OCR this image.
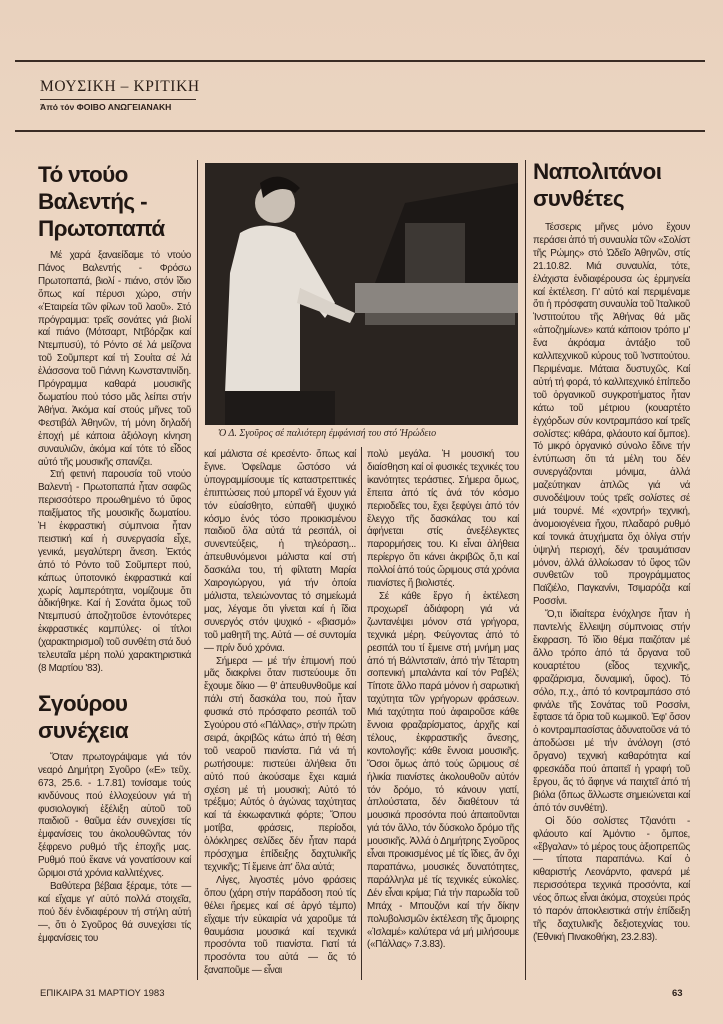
ΜΟΥΣΙΚΗ – ΚΡΙΤΙΚΗ
Ἀπό τόν ΦΟΙΒΟ ΑΝΩΓΕΙΑΝΑΚΗ
Τό ντούο
Βαλεντής -
Πρωτοπαπά

Μέ χαρά ξαναείδαμε τό ντούο Πάνος Βαλεντής - Φρόσω Πρωτοπαπά, βιολί - πιάνο, στόν ἴδιο ὅπως καί πέρυσι χώρο, στήν «Ἑταιρεία τῶν φίλων τοῦ λαοῦ». Στό πρόγραμμα: τρεῖς σονάτες γιά βιολί καί πιάνο (Μότσαρτ, Ντβόρζακ καί Ντεμπυσύ), τό Ρόντο σέ λά μείζονα τοῦ Σοῦμπερτ καί τή Σουίτα σέ λά ἐλάσσονα τοῦ Γιάννη Κωνσταντινίδη. Πρόγραμμα καθαρά μουσικῆς δωματίου πού τόσο μᾶς λείπει στήν Ἀθήνα. Ἀκόμα καί στούς μῆνες τοῦ Φεστιβάλ Ἀθηνῶν, τή μόνη δηλαδή ἐποχή μέ κάποια ἀξιόλογη κίνηση συναυλιῶν, ἀκόμα καί τότε τό εἶδος αὐτό τῆς μουσικῆς σπανίζει.

Στή φετινή παρουσία τοῦ ντούο Βαλεντή - Πρωτοπαπά ἦταν σαφῶς περισσότερο προωθημένο τό ὕφος παιξίματος τῆς μουσικῆς δωματίου. Ἡ ἐκφραστική σύμπνοια ἦταν πειστική καί ἡ συνεργασία εἶχε, γενικά, μεγαλύτερη ἄνεση. Ἐκτός ἀπό τό Ρόντο τοῦ Σοῦμπερτ πού, κάπως ὑποτονικό ἐκφραστικά καί χωρίς λαμπερότητα, νομίζουμε ὅτι ἀδικήθηκε. Καί ἡ Σονάτα ὅμως τοῦ Ντεμπυσύ ἀποζητοῦσε ἐντονότερες ἐκφραστικές καμπύλες· οἱ τίτλοι (χαρακτηρισμοί) τοῦ συνθέτη στά δυό τελευταῖα μέρη πολύ χαρακτηριστικά (8 Μαρτίου '83).

Σγούρου
συνέχεια

Ὅταν πρωτογράψαμε γιά τόν νεαρό Δημήτρη Σγοῦρο («Ε» τεῦχ. 673, 25.6. - 1.7.81) τονίσαμε τούς κινδύνους πού ἐλλοχεύουν γιά τή φυσιολογική ἐξέλιξη αὐτοῦ τοῦ παιδιοῦ - θαῦμα ἐάν συνεχίσει τίς ἐμφανίσεις του ἀκολουθῶντας τόν ξέφρενο ρυθμό τῆς ἐποχῆς μας. Ρυθμό πού ἔκανε νά γονατίσουν καί ὥριμοι στά χρόνια καλλιτέχνες.

Βαθύτερα βέβαια ξέραμε, τότε — καί εἴχαμε γι' αὐτό πολλά στοιχεῖα, πού δέν ἐνδιαφέρουν τή στήλη αὐτή —, ὅτι ὁ Σγοῦρος θά συνεχίσει τίς ἐμφανίσεις του

καί μάλιστα σέ κρεσέντο· ὅπως καί ἔγινε. Ὀφείλαμε ὥστόσο νά ὑπογραμμίσουμε τίς καταστρεπτικές ἐπιπτώσεις πού μπορεῖ νά ἔχουν γιά τόν εὐαίσθητο, εὐπαθῆ ψυχικό κόσμο ἑνός τόσο προικισμένου παιδιοῦ ὅλα αὐτά τά ρεσιτάλ, οἱ συνεντεύξεις, ἡ τηλεόραση... ἀπευθυνόμενοι μάλιστα καί στή δασκάλα του, τή φίλτατη Μαρία Χαιρογιώργου, γιά τήν ὁποία μάλιστα, τελειώνοντας τό σημείωμά μας, λέγαμε ὅτι γίνεται καί ἡ ἴδια συνεργός στόν ψυχικό - «βιασμό» τοῦ μαθητῆ της. Αὐτά — σέ συντομία — πρίν δυό χρόνια.

Σήμερα — μέ τήν ἐπιμονή πού μᾶς διακρίνει ὅταν πιστεύουμε ὅτι ἔχουμε δίκιο — θ' ἀπευθυνθοῦμε καί πάλι στή δασκάλα του, πού ἦταν φυσικά στό πρόσφατο ρεσιτάλ τοῦ Σγούρου στό «Πάλλας», στήν πρώτη σειρά, ἀκριβῶς κάτω ἀπό τή θέση τοῦ νεαροῦ πιανίστα. Γιά νά τή ρωτήσουμε: πιστεύει ἀλήθεια ὅτι αὐτό πού ἀκούσαμε ἔχει καμιά σχέση μέ τή μουσική; Αὐτό τό τρέξιμο; Αὐτός ὁ ἀγώνας ταχύτητας καί τά ἐκκωφαντικά φόρτε; Ὅπου μοτίβα, φράσεις, περίοδοι, ὁλόκληρες σελίδες δέν ἦταν παρά πρόσχημα ἐπίδειξης δαχτυλικῆς τεχνικῆς; Τί ἔμεινε ἀπ' ὅλα αὐτά;

Λίγες, λιγοστές μόνο φράσεις ὅπου (χάρη στήν παράδοση πού τίς θέλει ἤρεμες καί σέ ἀργό τέμπο) εἴχαμε τήν εὐκαιρία νά χαροῦμε τά θαυμάσια μουσικά καί τεχνικά προσόντα τοῦ πιανίστα. Γιατί τά προσόντα του αὐτά — ἄς τό ξαναποῦμε — εἶναι

πολύ μεγάλα. Ἡ μουσική του διαίσθηση καί οἱ φυσικές τεχνικές του ἱκανότητες τεράστιες. Σήμερα ὅμως, ἔπειτα ἀπό τίς ἀνά τόν κόσμο περιοδεῖες του, ἔχει ξεφύγει ἀπό τόν ἔλεγχο τῆς δασκάλας του καί ἀφήνεται στίς ἀνεξέλεγκτες παρορμήσεις του. Κι εἶναι ἀλήθεια περίεργο ὅτι κάνει ἀκριβῶς ὅ,τι καί πολλοί ἀπό τούς ὥριμους στά χρόνια πιανίστες ἤ βιολιστές.

Σέ κάθε ἔργο ἡ ἐκτέλεση προχωρεῖ ἀδιάφορη γιά νά ζωντανέψει μόνον στά γρήγορα, τεχνικά μέρη. Φεύγοντας ἀπό τό ρεσιτάλ του τί ἔμεινε στή μνήμη μας ἀπό τή Βάλντσταϊν, ἀπό τήν Τέταρτη σοπενική μπαλάντα καί τόν Ραβέλ; Τίποτε ἄλλο παρά μόνον ἡ σαρωτική ταχύτητα τῶν γρήγορων φράσεων. Μιά ταχύτητα πού ἀφαιροῦσε κάθε ἔννοια φραζαρίσματος, ἀρχῆς καί τέλους, ἐκφραστικῆς ἄνεσης, κοντολογῆς: κάθε ἔννοια μουσικῆς. Ὅσοι ὅμως ἀπό τούς ὥριμους σέ ἡλικία πιανίστες ἀκολουθοῦν αὐτόν τόν δρόμο, τό κάνουν γιατί, ἁπλούστατα, δέν διαθέτουν τά μουσικά προσόντα πού ἀπαιτοῦνται γιά τόν ἄλλο, τόν δύσκολο δρόμο τῆς μουσικῆς. Ἀλλά ὁ Δημήτρης Σγοῦρος εἶναι προικισμένος μέ τίς ἴδιες, ἄν ὄχι παραπάνω, μουσικές δυνατότητες, παράλληλα μέ τίς τεχνικές εὐκολίες. Δέν εἶναι κρίμα; Γιά τήν παρωδία τοῦ Μπάχ - Μπουζόνι καί τήν δίκην πολυβολισμῶν ἐκτέλεση τῆς ἄμοιρης «Ἰσλαμέ» καλύτερα νά μή μιλήσουμε («Πάλλας» 7.3.83).

Ὁ Δ. Σγοῦρος σέ παλιότερη ἐμφάνισή του στό Ἡρώδειο
Ναπολιτάνοι
συνθέτες

Τέσσερις μῆνες μόνο ἔχουν περάσει ἀπό τή συναυλία τῶν «Σολίστ τῆς Ρώμης» στό Ὠδεῖο Ἀθηνῶν, στίς 21.10.82. Μιά συναυλία, τότε, ἐλάχιστα ἐνδιαφέρουσα ὡς ἑρμηνεία καί ἐκτέλεση. Γι' αὐτό καί περιμέναμε ὅτι ἡ πρόσφατη συναυλία τοῦ Ἰταλικοῦ Ἰνστιτούτου τῆς Ἀθήνας θά μᾶς «ἀποζημίωνε» κατά κάποιον τρόπο μ' ἕνα ἀκρόαμα ἀντάξιο τοῦ καλλιτεχνικοῦ κύρους τοῦ Ἰνστιτούτου. Περιμέναμε. Μάταια δυστυχῶς. Καί αὐτή τή φορά, τό καλλιτεχνικό ἐπίπεδο τοῦ ὀργανικοῦ συγκροτήματος ἦταν κάτω τοῦ μέτριου (κουαρτέτο ἐγχόρδων σύν κοντραμπάσο καί τρεῖς σολίστες: κιθάρα, φλάουτο καί ὄμποε). Τό μικρό ὀργανικό σύνολο ἔδινε τήν ἐντύπωση ὅτι τά μέλη του δέν συνεργάζονται μόνιμα, ἀλλά μαζεύτηκαν ἁπλῶς γιά νά συνοδέψουν τούς τρεῖς σολίστες σέ μιά τουρνέ. Μέ «χοντρή» τεχνική, ἀνομοιογένεια ἤχου, πλαδαρό ρυθμό καί τονικά ἀτυχήματα ὄχι ὀλίγα στήν ὑψηλή περιοχή, δέν τραυμάτισαν μόνον, ἀλλά ἀλλοίωσαν τό ὕφος τῶν συνθετῶν τοῦ προγράμματος Παϊζιέλο, Παγκανίνι, Τσιμαρόζα καί Ροσσίνι.

Ὅ,τι ἰδιαίτερα ἐνόχλησε ἦταν ἡ παντελής ἔλλειψη σύμπνοιας στήν ἔκφραση. Τό ἴδιο θέμα παιζόταν μέ ἄλλο τρόπο ἀπό τά ὄργανα τοῦ κουαρτέτου (εἶδος τεχνικῆς, φραζάρισμα, δυναμική, ὕφος). Τό σόλο, π.χ., ἀπό τό κοντραμπάσο στό φινάλε τῆς Σονάτας τοῦ Ροσσίνι, ἔφτασε τά ὅρια τοῦ κωμικοῦ. Ἐφ' ὅσον ὁ κοντραμπασίστας ἀδυνατοῦσε νά τό ἀποδώσει μέ τήν ἀνάλογη (στό ὄργανο) τεχνική καθαρότητα καί φρεσκάδα πού ἀπαιτεῖ ἡ γραφή τοῦ ἔργου, ἄς τό ἄφηνε νά παιχτεῖ ἀπό τή βιόλα (ὅπως ἄλλωστε σημειώνεται καί ἀπό τόν συνθέτη).

Οἱ δύο σολίστες Τζιανόττι - φλάουτο καί Ἀμόντιο - ὄμποε, «ἔβγαλαν» τό μέρος τους ἀξιοπρεπῶς — τίποτα παραπάνω. Καί ὁ κιθαριστής Λεονάρντο, φανερά μέ περισσότερα τεχνικά προσόντα, καί νέος ὅπως εἶναι ἀκόμα, στοχεύει πρός τό παρόν ἀποκλειστικά στήν ἐπίδειξη τῆς δαχτυλικῆς δεξιοτεχνίας του. (Ἐθνική Πινακοθήκη, 23.2.83).

ΕΠΙΚΑΙΡΑ 31 ΜΑΡΤΙΟΥ 1983	63
